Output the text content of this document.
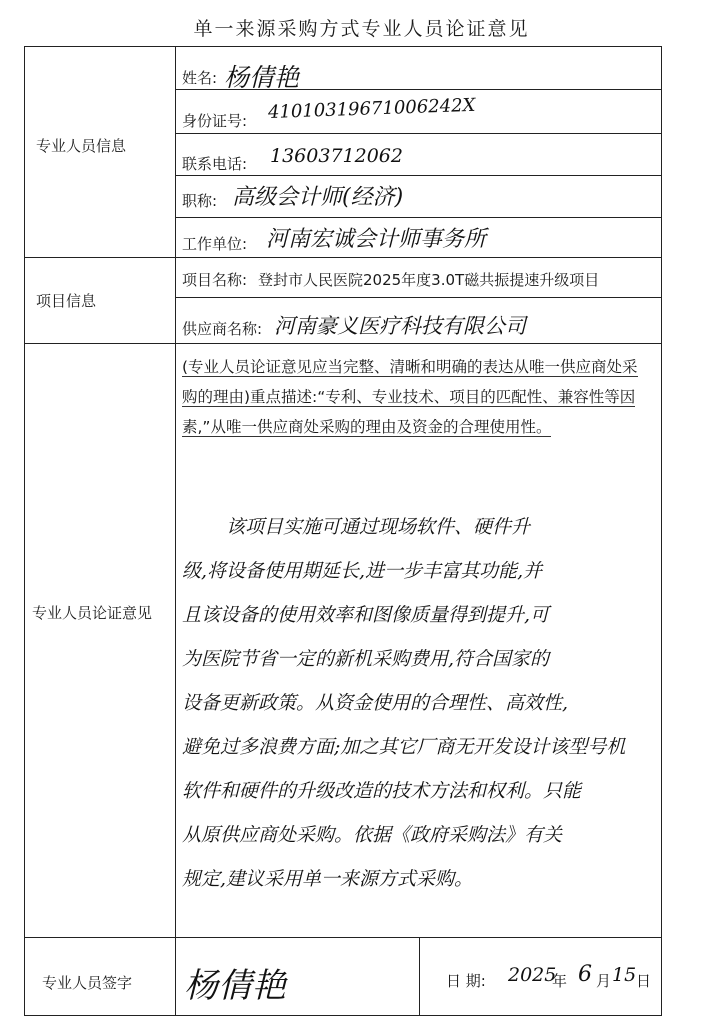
单一来源采购方式专业人员论证意见
专业人员信息
姓名: 杨倩艳
身份证号: 41010319671006242X
联系电话: 13603712062
职称: 高级会计师(经济)
工作单位: 河南宏诚会计师事务所
项目信息
项目名称: 登封市人民医院2025年度3.0T磁共振提速升级项目
供应商名称: 河南豪义医疗科技有限公司
专业人员论证意见
(专业人员论证意见应当完整、清晰和明确的表达从唯一供应商处采购的理由)重点描述:“专利、专业技术、项目的匹配性、兼容性等因素,”从唯一供应商处采购的理由及资金的合理使用性。
该项目实施可通过现场软件、硬件升
级,将设备使用期延长,进一步丰富其功能,并
且该设备的使用效率和图像质量得到提升,可
为医院节省一定的新机采购费用,符合国家的
设备更新政策。从资金使用的合理性、高效性,
避免过多浪费方面;加之其它厂商无开发设计该型号机
软件和硬件的升级改造的技术方法和权利。只能
从原供应商处采购。依据《政府采购法》有关
规定,建议采用单一来源方式采购。
专业人员签字 杨倩艳	日 期: 2025
年 6 月 15 日
